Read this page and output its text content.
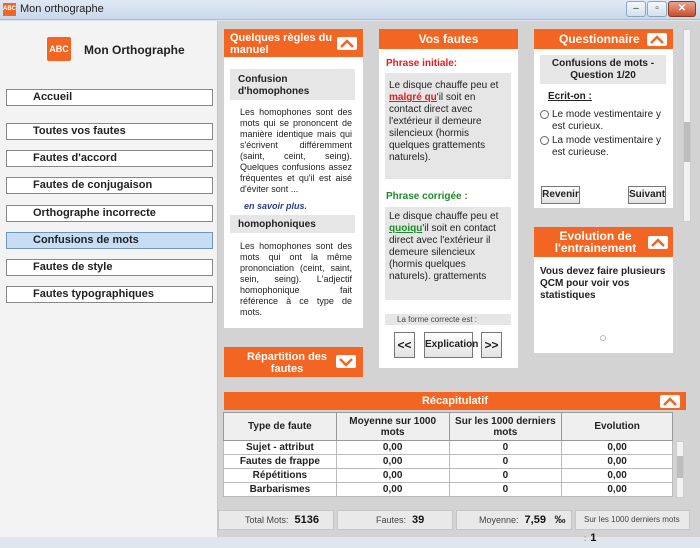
ABC Mon orthographe	–	▫	✕
ABC Mon Orthographe
Accueil
Toutes vos fautes
Fautes d'accord
Fautes de conjugaison
Orthographe incorrecte
Confusions de mots
Fautes de style
Fautes typographiques
Quelques règles du manuel
Confusion d'homophones
Les homophones sont des mots qui se prononcent de manière identique mais qui s'écrivent différemment (saint, ceint, seing). Quelques confusions assez fréquentes et qu'il est aisé d'éviter sont ...
en savoir plus.
homophoniques
Les homophones sont des mots qui ont la même prononciation (ceint, saint, sein, seing). L'adjectif homophonique fait référence à ce type de mots.
Répartition des fautes
Vos fautes
Phrase initiale:
Le disque chauffe peu et malgré qu'il soit en contact direct avec l'extérieur il demeure silencieux (hormis quelques grattements naturels).
Phrase corrigée :
Le disque chauffe peu et quoiqu'il soit en contact direct avec l'extérieur il demeure silencieux (hormis quelques naturels). grattements
La forme correcte est :
<<	Explication >>
Questionnaire
Confusions de mots - Question 1/20
Ecrit-on :
Le mode vestimentaire y est curieux.
La mode vestimentaire y est curieuse.
Revenir	Suivant
Evolution de l'entrainement
Vous devez faire plusieurs QCM pour voir vos statistiques
Récapitulatif
Type de faute	Moyenne sur 1000 mots	Sur les 1000 derniers mots	Evolution
Sujet - attribut	0,00	0	0,00
Fautes de frappe	0,00	0	0,00
Répétitions	0,00	0	0,00
Barbarismes	0,00	0	0,00
Total Mots: 5136	Fautes: 39	Moyenne: 7,59 ‰	Sur les 1000 derniers mots : 1
